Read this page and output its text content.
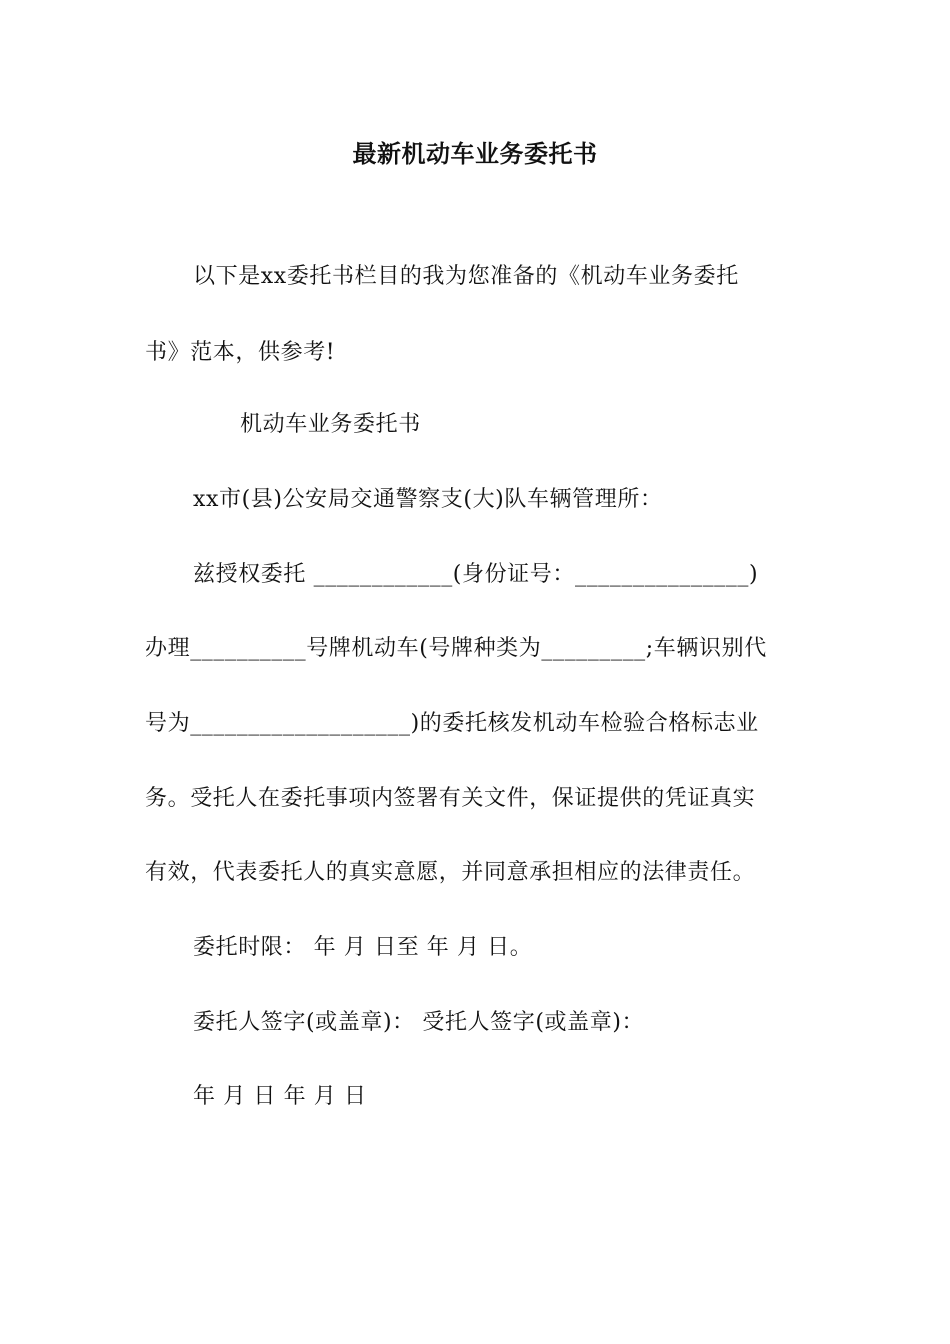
最新机动车业务委托书
以下是xx委托书栏目的我为您准备的《机动车业务委托
书》范本，供参考!
机动车业务委托书
xx市(县)公安局交通警察支(大)队车辆管理所：
兹授权委托 ____________(身份证号：_______________)
办理__________号牌机动车(号牌种类为_________;车辆识别代
号为___________________)的委托核发机动车检验合格标志业
务。受托人在委托事项内签署有关文件，保证提供的凭证真实
有效，代表委托人的真实意愿，并同意承担相应的法律责任。
委托时限： 年 月 日至 年 月 日。
委托人签字(或盖章)： 受托人签字(或盖章)：
年 月 日 年 月 日
